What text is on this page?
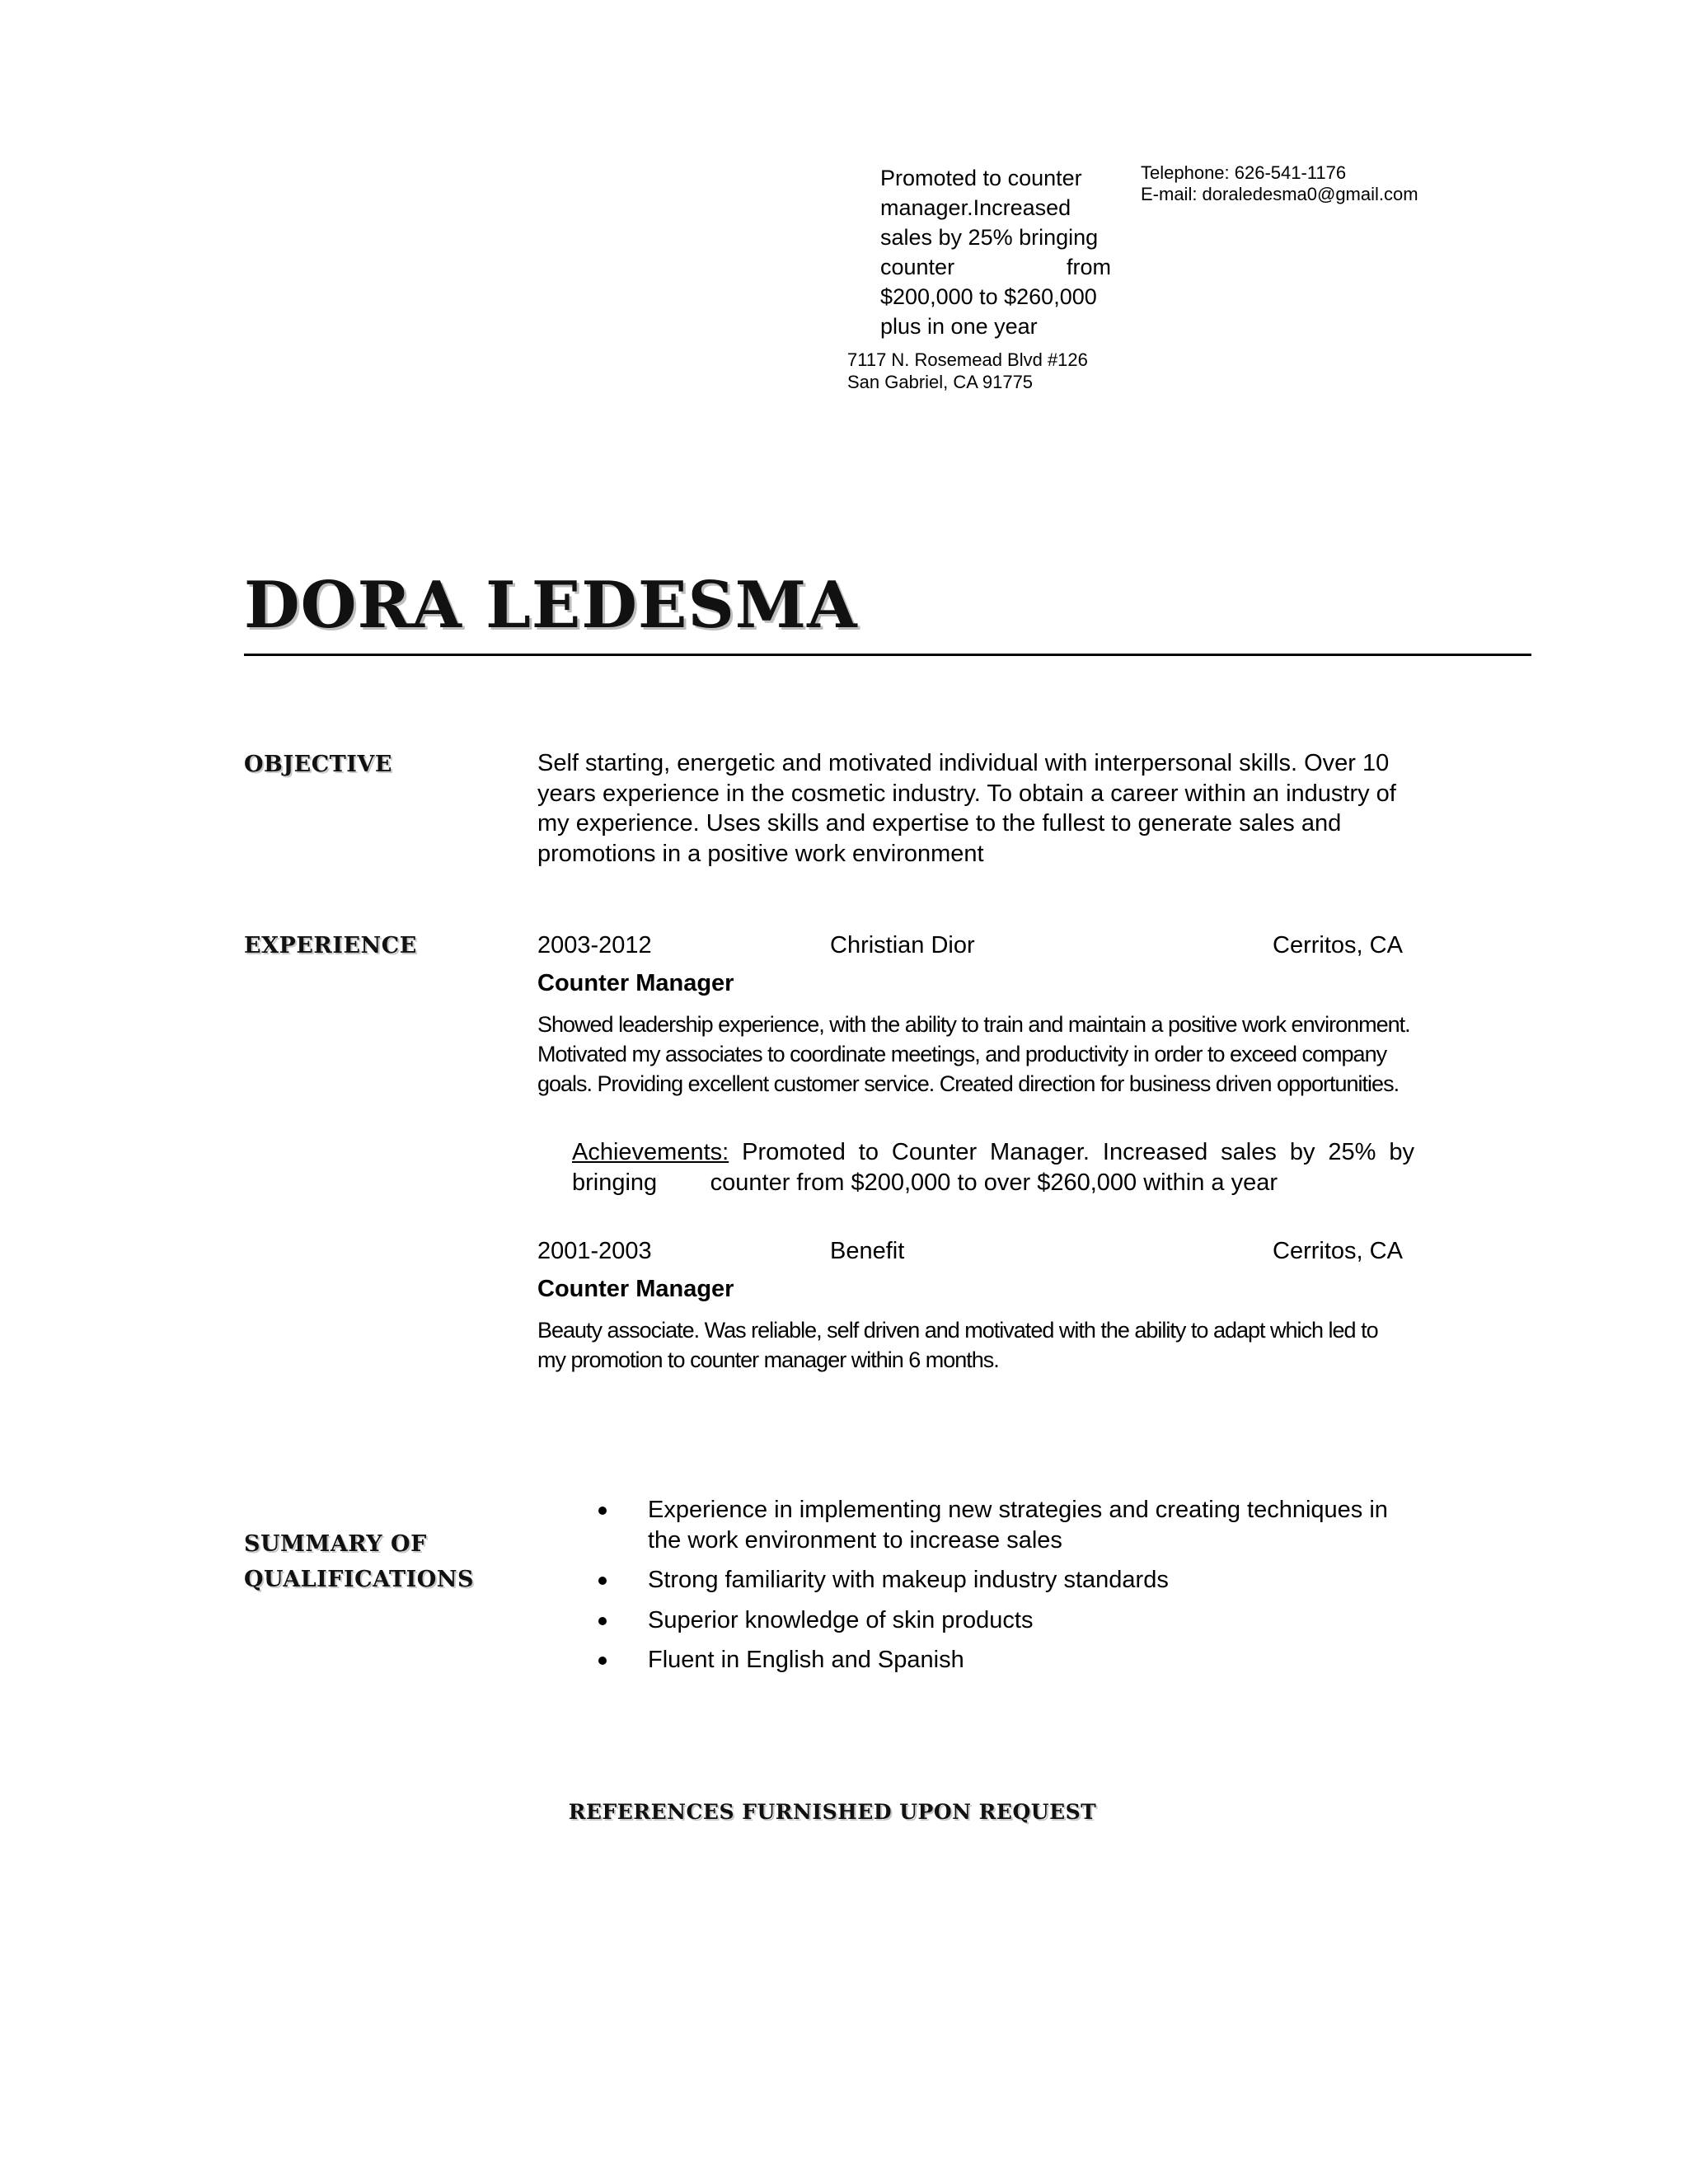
Promoted to counter
manager.Increased
sales by 25% bringing
counter	from
$200,000 to $260,000
plus in one year
7117 N. Rosemead Blvd #126
San Gabriel, CA 91775
Telephone: 626-541-1176
E-mail: doraledesma0@gmail.com
DORA LEDESMA
OBJECTIVE	Self starting, energetic and motivated individual with interpersonal skills. Over 10 years experience in the cosmetic industry. To obtain a career within an industry of my experience. Uses skills and expertise to the fullest to generate sales and promotions in a positive work environment
EXPERIENCE	2003-2012	Christian Dior	Cerritos, CA
Counter Manager
Showed leadership experience, with the ability to train and maintain a positive work environment. Motivated my associates to coordinate meetings, and productivity in order to exceed company goals. Providing excellent customer service. Created direction for business driven opportunities.
Achievements: Promoted to Counter Manager. Increased sales by 25% by bringing        counter from $200,000 to over $260,000 within a year
2001-2003	Benefit	Cerritos, CA
Counter Manager
Beauty associate. Was reliable, self driven and motivated with the ability to adapt which led to my promotion to counter manager within 6 months.
SUMMARY OF
QUALIFICATIONS
Experience in implementing new strategies and creating techniques in the work environment to increase sales
Strong familiarity with makeup industry standards
Superior knowledge of skin products
Fluent in English and Spanish
REFERENCES FURNISHED UPON REQUEST
